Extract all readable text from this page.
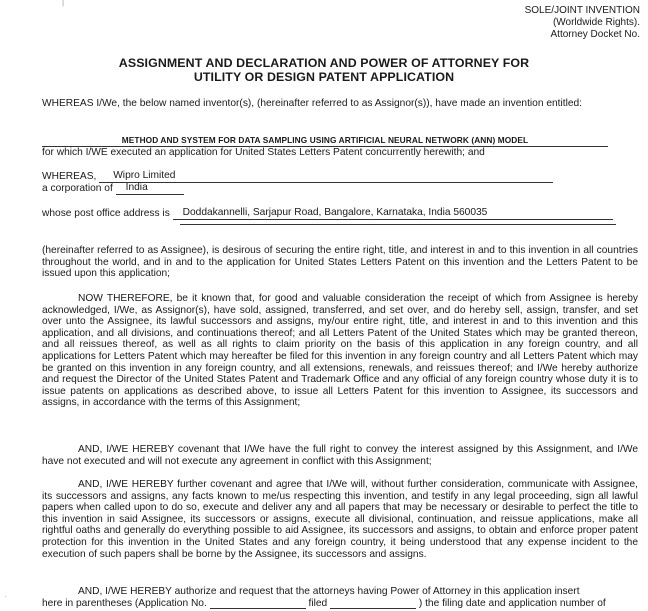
|
SOLE/JOINT INVENTION
(Worldwide Rights).
Attorney Docket No.
ASSIGNMENT AND DECLARATION AND POWER OF ATTORNEY FOR
UTILITY OR DESIGN PATENT APPLICATION
WHEREAS I/We, the below named inventor(s), (hereinafter referred to as Assignor(s)), have made an invention entitled:
METHOD AND SYSTEM FOR DATA SAMPLING USING ARTIFICIAL NEURAL NETWORK (ANN) MODEL
for which I/WE executed an application for United States Letters Patent concurrently herewith; and
WHEREAS, Wipro Limited
a corporation of India
whose post office address is Doddakannelli, Sarjapur Road, Bangalore, Karnataka, India 560035
(hereinafter referred to as Assignee), is desirous of securing the entire right, title, and interest in and to this invention in all countries throughout the world, and in and to the application for United States Letters Patent on this invention and the Letters Patent to be issued upon this application;
NOW THEREFORE, be it known that, for good and valuable consideration the receipt of which from Assignee is hereby acknowledged, I/We, as Assignor(s), have sold, assigned, transferred, and set over, and do hereby sell, assign, transfer, and set over unto the Assignee, its lawful successors and assigns, my/our entire right, title, and interest in and to this invention and this application, and all divisions, and continuations thereof; and all Letters Patent of the United States which may be granted thereon, and all reissues thereof, as well as all rights to claim priority on the basis of this application in any foreign country, and all applications for Letters Patent which may hereafter be filed for this invention in any foreign country and all Letters Patent which may be granted on this invention in any foreign country, and all extensions, renewals, and reissues thereof; and I/We hereby authorize and request the Director of the United States Patent and Trademark Office and any official of any foreign country whose duty it is to issue patents on applications as described above, to issue all Letters Patent for this invention to Assignee, its successors and assigns, in accordance with the terms of this Assignment;
AND, I/WE HEREBY covenant that I/We have the full right to convey the interest assigned by this Assignment, and I/We have not executed and will not execute any agreement in conflict with this Assignment;
AND, I/WE HEREBY further covenant and agree that I/We will, without further consideration, communicate with Assignee, its successors and assigns, any facts known to me/us respecting this invention, and testify in any legal proceeding, sign all lawful papers when called upon to do so, execute and deliver any and all papers that may be necessary or desirable to perfect the title to this invention in said Assignee, its successors or assigns, execute all divisional, continuation, and reissue applications, make all rightful oaths and generally do everything possible to aid Assignee, its successors and assigns, to obtain and enforce proper patent protection for this invention in the United States and any foreign country, it being understood that any expense incident to the execution of such papers shall be borne by the Assignee, its successors and assigns.
AND, I/WE HEREBY authorize and request that the attorneys having Power of Attorney in this application insert
here in parentheses (Application No.	filed	) the filing date and application number of
·
